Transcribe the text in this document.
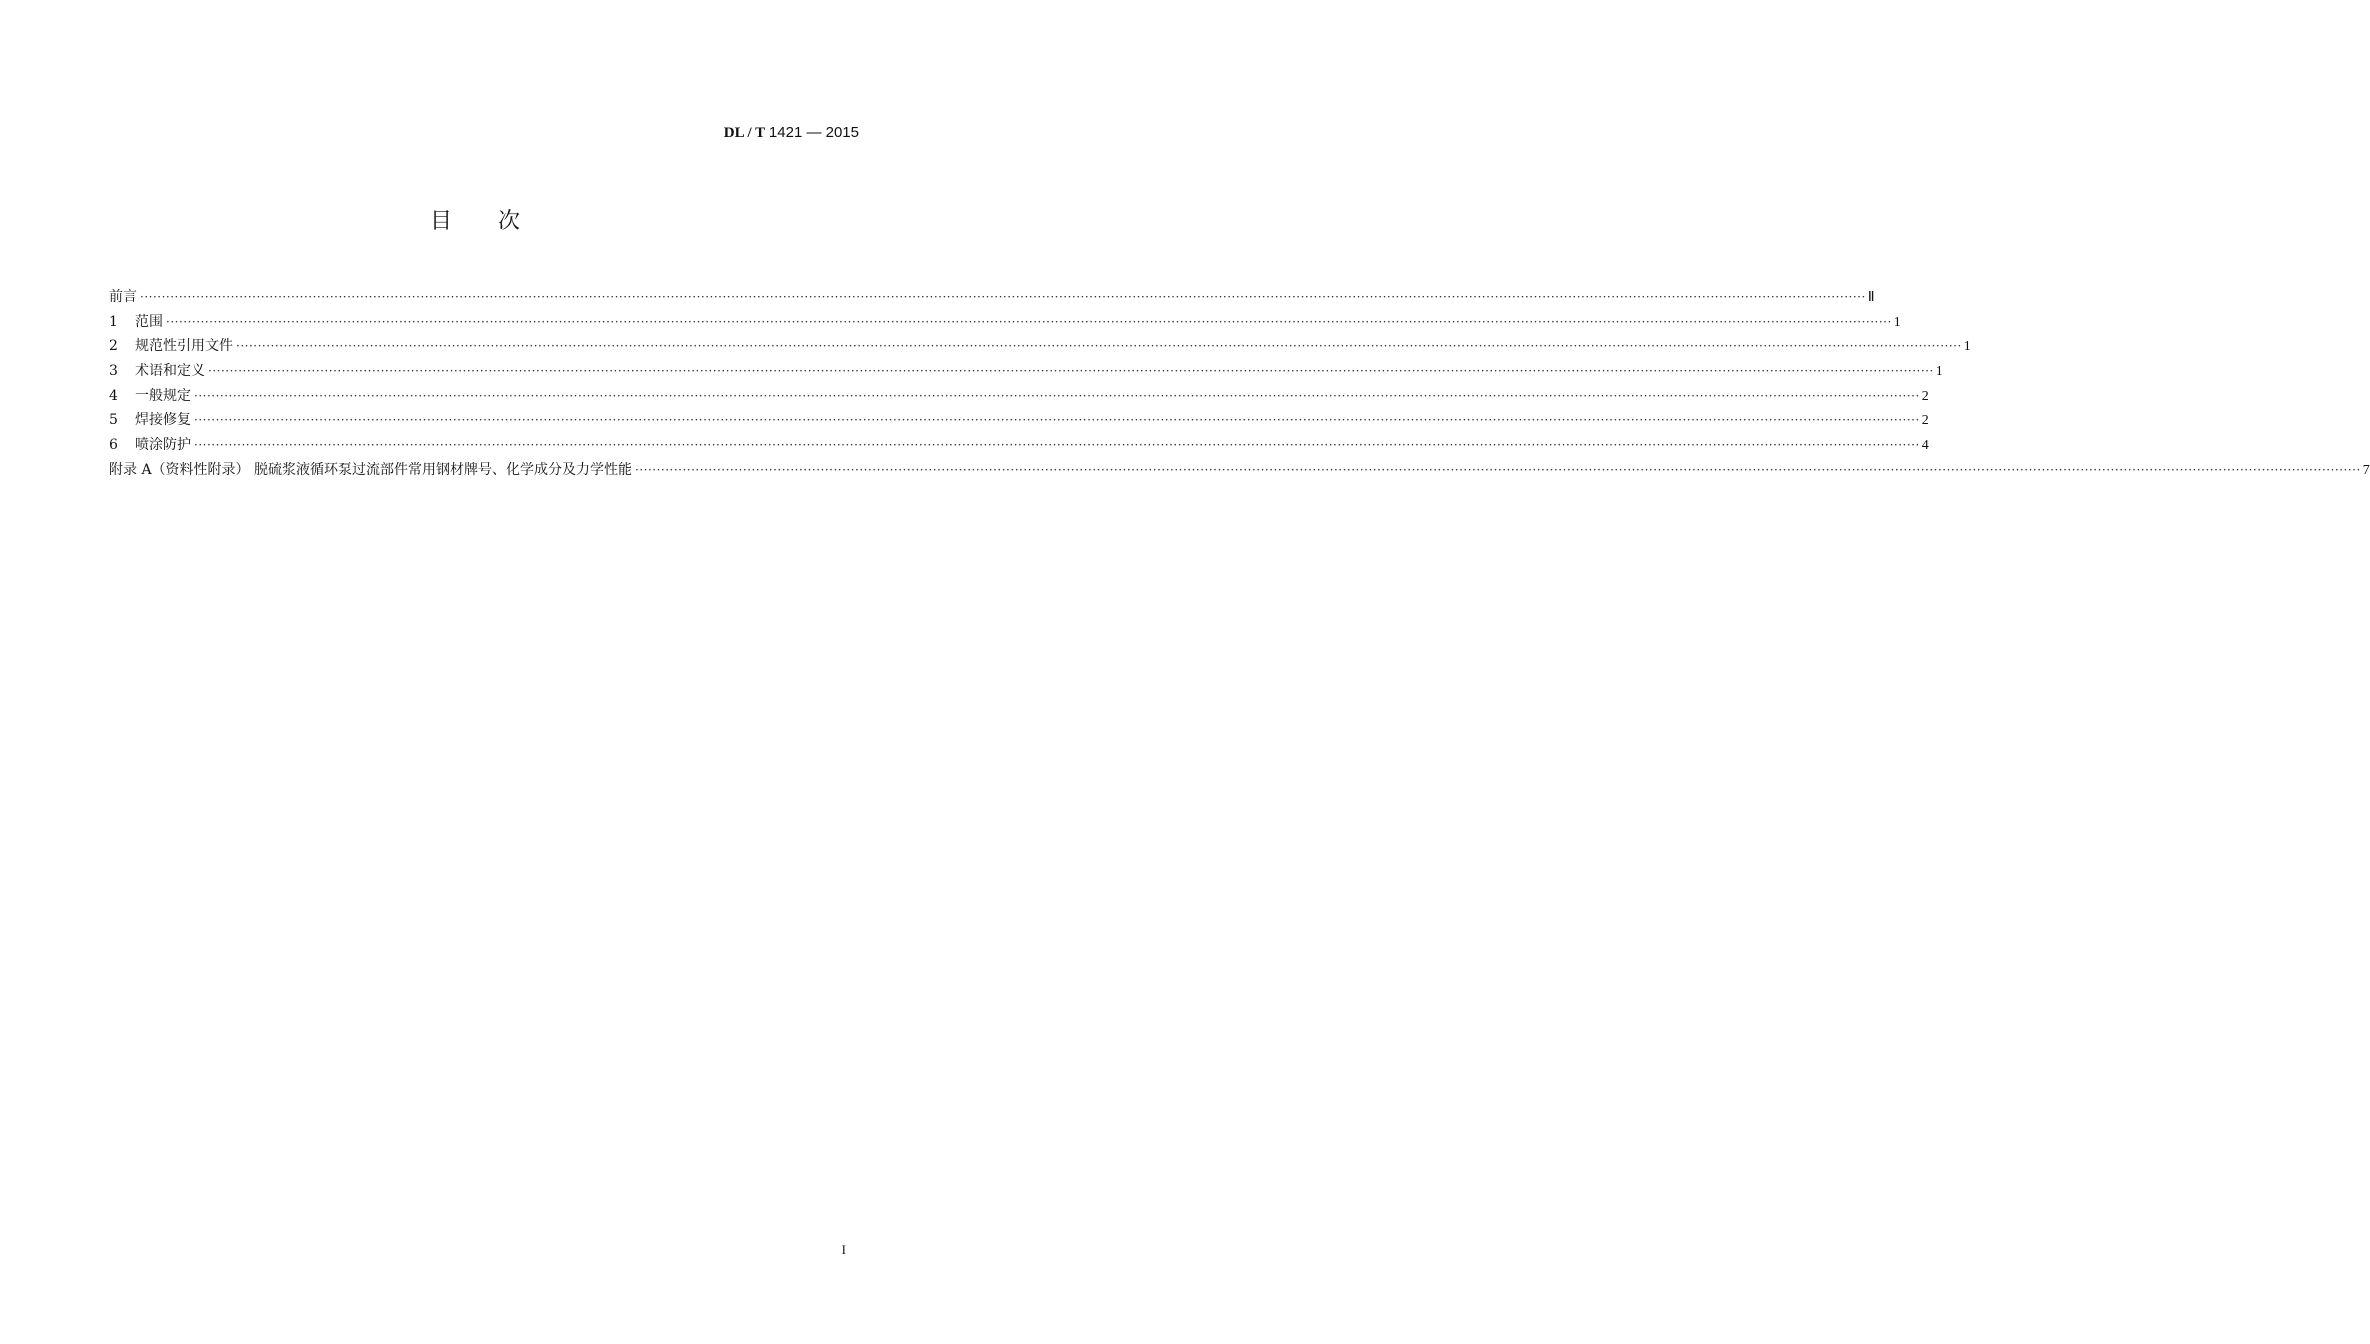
DL / T 1421 — 2015
目 次
前言 ················································································································································································································································································································································································································ Ⅱ
1	范围 ················································································································································································································································································································································································································ 1
2	规范性引用文件 ················································································································································································································································································································································································································ 1
3	术语和定义 ················································································································································································································································································································································································································ 1
4	一般规定 ················································································································································································································································································································································································································ 2
5	焊接修复 ················································································································································································································································································································································································································ 2
6	喷涂防护 ················································································································································································································································································································································································································ 4
附录 A（资料性附录） 脱硫浆液循环泵过流部件常用钢材牌号、化学成分及力学性能 ················································································································································································································································································································································································································ 7
I
